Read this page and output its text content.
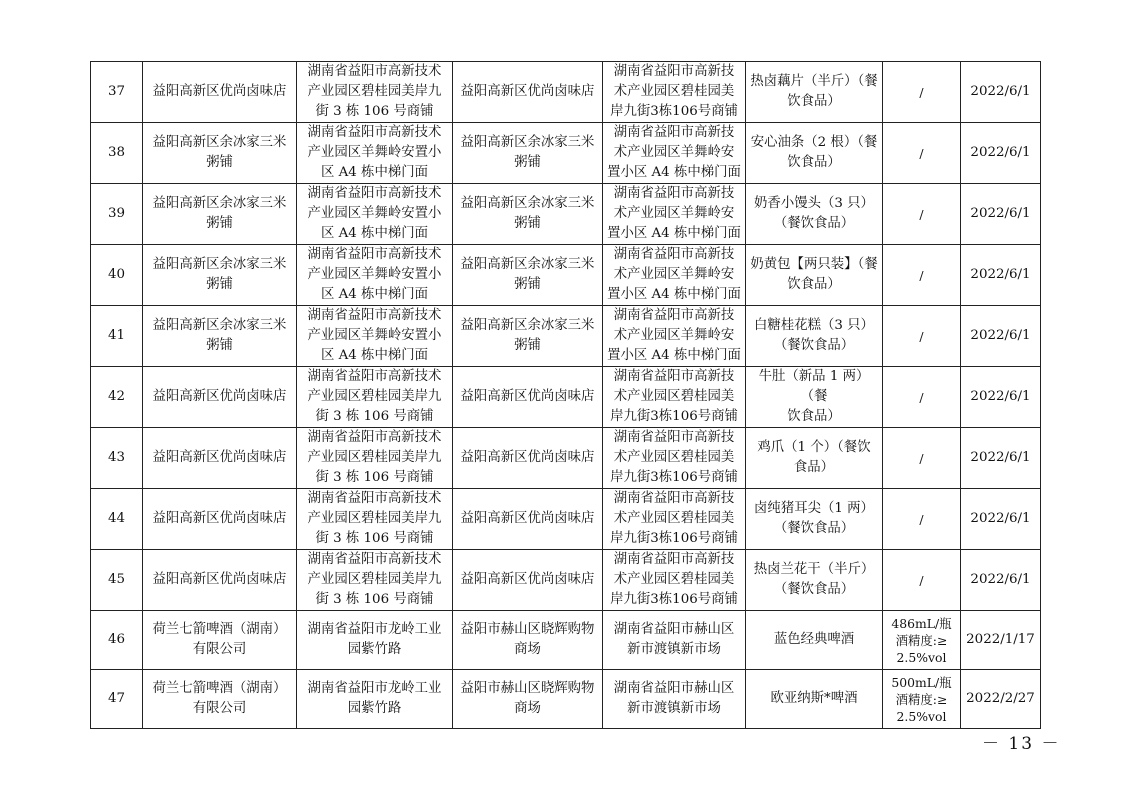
37	益阳高新区优尚卤味店	湖南省益阳市高新技术
产业园区碧桂园美岸九
街 3 栋 106 号商铺	益阳高新区优尚卤味店	湖南省益阳市高新技
术产业园区碧桂园美
岸九街3栋106号商铺	热卤藕片（半斤）（餐
饮食品）	/	2022/6/1
38	益阳高新区余冰家三米
粥铺	湖南省益阳市高新技术
产业园区羊舞岭安置小
区 A4 栋中梯门面	益阳高新区余冰家三米
粥铺	湖南省益阳市高新技
术产业园区羊舞岭安
置小区 A4 栋中梯门面	安心油条（2 根）（餐
饮食品）	/	2022/6/1
39	益阳高新区余冰家三米
粥铺	湖南省益阳市高新技术
产业园区羊舞岭安置小
区 A4 栋中梯门面	益阳高新区余冰家三米
粥铺	湖南省益阳市高新技
术产业园区羊舞岭安
置小区 A4 栋中梯门面	奶香小馒头（3 只）
（餐饮食品）	/	2022/6/1
40	益阳高新区余冰家三米
粥铺	湖南省益阳市高新技术
产业园区羊舞岭安置小
区 A4 栋中梯门面	益阳高新区余冰家三米
粥铺	湖南省益阳市高新技
术产业园区羊舞岭安
置小区 A4 栋中梯门面	奶黄包【两只装】（餐
饮食品）	/	2022/6/1
41	益阳高新区余冰家三米
粥铺	湖南省益阳市高新技术
产业园区羊舞岭安置小
区 A4 栋中梯门面	益阳高新区余冰家三米
粥铺	湖南省益阳市高新技
术产业园区羊舞岭安
置小区 A4 栋中梯门面	白糖桂花糕（3 只）
（餐饮食品）	/	2022/6/1
42	益阳高新区优尚卤味店	湖南省益阳市高新技术
产业园区碧桂园美岸九
街 3 栋 106 号商铺	益阳高新区优尚卤味店	湖南省益阳市高新技
术产业园区碧桂园美
岸九街3栋106号商铺	牛肚（新品 1 两）（餐
饮食品）	/	2022/6/1
43	益阳高新区优尚卤味店	湖南省益阳市高新技术
产业园区碧桂园美岸九
街 3 栋 106 号商铺	益阳高新区优尚卤味店	湖南省益阳市高新技
术产业园区碧桂园美
岸九街3栋106号商铺	鸡爪（1 个）（餐饮
食品）	/	2022/6/1
44	益阳高新区优尚卤味店	湖南省益阳市高新技术
产业园区碧桂园美岸九
街 3 栋 106 号商铺	益阳高新区优尚卤味店	湖南省益阳市高新技
术产业园区碧桂园美
岸九街3栋106号商铺	卤纯猪耳尖（1 两）
（餐饮食品）	/	2022/6/1
45	益阳高新区优尚卤味店	湖南省益阳市高新技术
产业园区碧桂园美岸九
街 3 栋 106 号商铺	益阳高新区优尚卤味店	湖南省益阳市高新技
术产业园区碧桂园美
岸九街3栋106号商铺	热卤兰花干（半斤）
（餐饮食品）	/	2022/6/1
46	荷兰七箭啤酒（湖南）
有限公司	湖南省益阳市龙岭工业
园紫竹路	益阳市赫山区晓辉购物
商场	湖南省益阳市赫山区
新市渡镇新市场	蓝色经典啤酒	486mL/瓶
酒精度:≥
2.5%vol	2022/1/17
47	荷兰七箭啤酒（湖南）
有限公司	湖南省益阳市龙岭工业
园紫竹路	益阳市赫山区晓辉购物
商场	湖南省益阳市赫山区
新市渡镇新市场	欧亚纳斯*啤酒	500mL/瓶
酒精度:≥
2.5%vol	2022/2/27
－ 13 －
